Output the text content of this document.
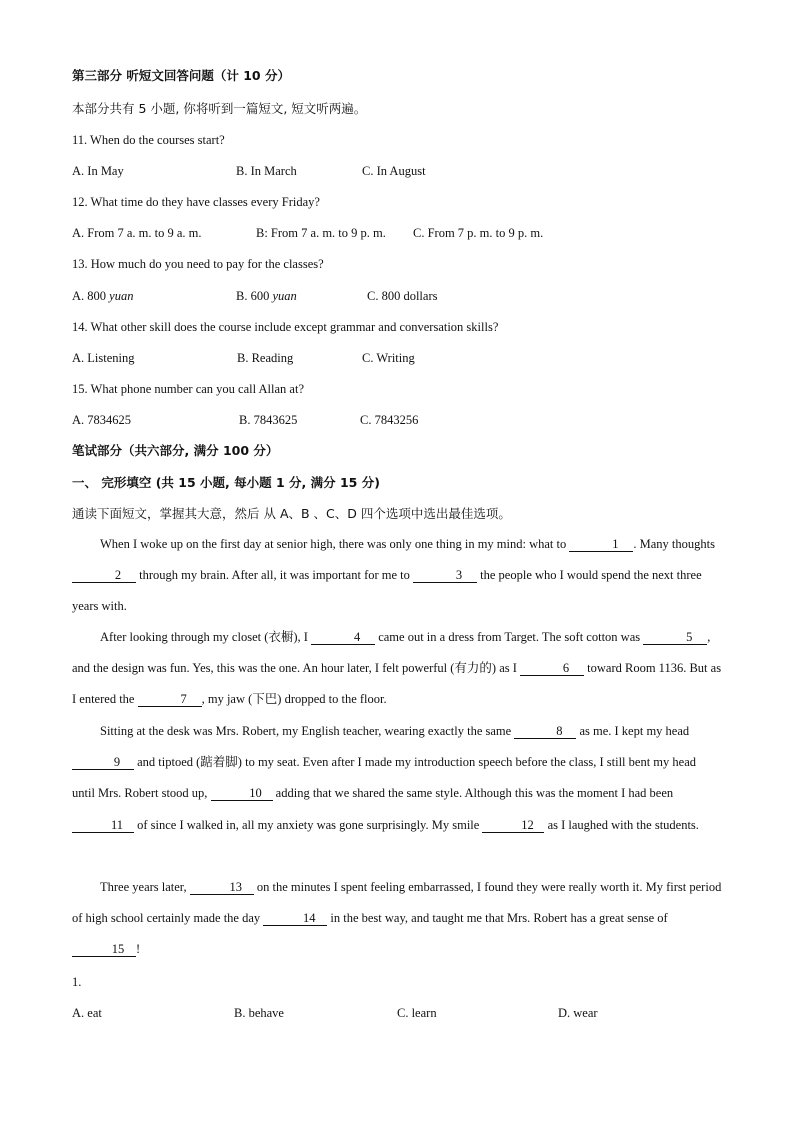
第三部分 听短文回答问题（计 10 分）
本部分共有 5 小题, 你将听到一篇短文, 短文听两遍。
11. When do the courses start?
A. In May	B. In March	C. In August
12. What time do they have classes every Friday?
A. From 7 a. m. to 9 a. m.	B: From 7 a. m. to 9 p. m. C. From 7 p. m. to 9 p. m.
13. How much do you need to pay for the classes?
A. 800 yuan	B. 600 yuan	C. 800 dollars
14. What other skill does the course include except grammar and conversation skills?
A. Listening	B. Reading	C. Writing
15. What phone number can you call Allan at?
A. 7834625	B. 7843625	C. 7843256
笔试部分（共六部分, 满分 100 分）
一、 完形填空 (共 15 小题, 每小题 1 分, 满分 15 分)
通读下面短文，掌握其大意，然后 从 A、B 、C、D 四个选项中选出最佳选项。
When I woke up on the first day at senior high, there was only one thing in my mind: what to	1 . Many thoughts 2 through my brain. After all, it was important for me to	3 the people who I would spend the next three years with.
After looking through my closet (衣橱), I	4 came out in a dress from Target. The soft cotton was	5 , and the design was fun. Yes, this was the one. An hour later, I felt powerful (有力的) as I	6 toward Room 1136. But as I entered the	7 , my jaw (下巴) dropped to the floor.
Sitting at the desk was Mrs. Robert, my English teacher, wearing exactly the same	8 as me. I kept my head 9 and tiptoed (踮着脚) to my seat. Even after I made my introduction speech before the class, I still bent my head until Mrs. Robert stood up,	10 adding that we shared the same style. Although this was the moment I had been 11 of since I walked in, all my anxiety was gone surprisingly. My smile	12 as I laughed with the students.
Three years later,	13 on the minutes I spent feeling embarrassed, I found they were really worth it. My first period of high school certainly made the day	14 in the best way, and taught me that Mrs. Robert has a great sense of 15 !
1.
A. eat	B. behave	C. learn	D. wear
